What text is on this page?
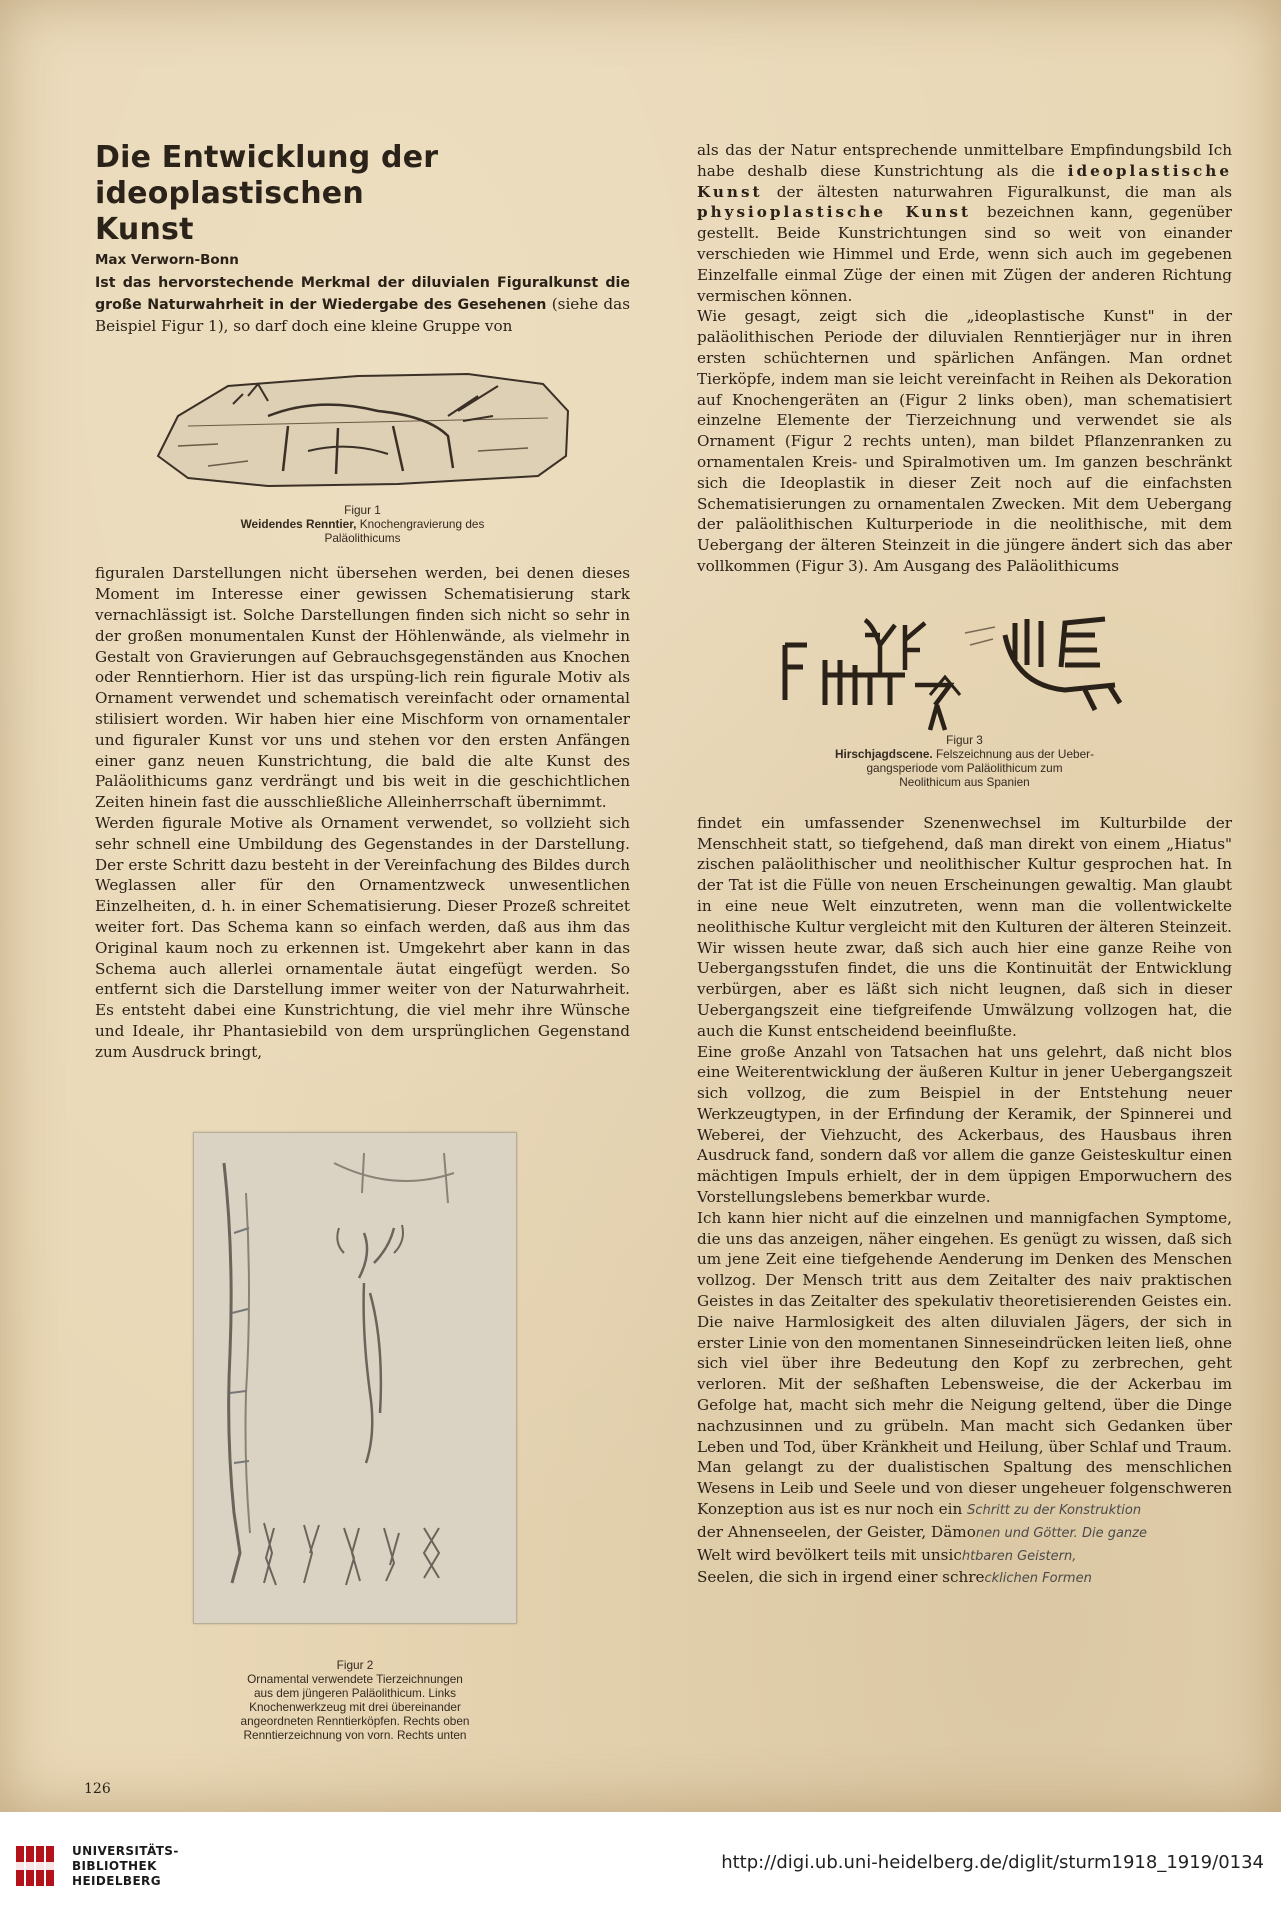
Die Entwicklung der ideoplastischen
Kunst
Max Verworn-Bonn

Ist das hervorstechende Merkmal der diluvialen Figuralkunst die große Naturwahrheit in der Wiedergabe des Gesehenen (siehe das Beispiel Figur 1), so darf doch eine kleine Gruppe von

Figur 1
Weidendes Renntier, Knochengravierung des
Paläolithicums

figuralen Darstellungen nicht übersehen werden, bei denen dieses Moment im Interesse einer gewissen Schematisierung stark vernachlässigt ist. Solche Darstellungen finden sich nicht so sehr in der großen monumentalen Kunst der Höhlenwände, als vielmehr in Gestalt von Gravierungen auf Gebrauchsgegenständen aus Knochen oder Renntierhorn. Hier ist das urspüng-lich rein figurale Motiv als Ornament verwendet und schematisch vereinfacht oder ornamental stilisiert worden. Wir haben hier eine Mischform von ornamentaler und figuraler Kunst vor uns und stehen vor den ersten Anfängen einer ganz neuen Kunstrichtung, die bald die alte Kunst des Paläolithicums ganz verdrängt und bis weit in die geschichtlichen Zeiten hinein fast die ausschließliche Alleinherrschaft übernimmt.

Werden figurale Motive als Ornament verwendet, so vollzieht sich sehr schnell eine Umbildung des Gegenstandes in der Darstellung. Der erste Schritt dazu besteht in der Vereinfachung des Bildes durch Weglassen aller für den Ornamentzweck unwesentlichen Einzelheiten, d. h. in einer Schematisierung. Dieser Prozeß schreitet weiter fort. Das Schema kann so einfach werden, daß aus ihm das Original kaum noch zu erkennen ist. Umgekehrt aber kann in das Schema auch allerlei ornamentale äutat eingefügt werden. So entfernt sich die Darstellung immer weiter von der Naturwahrheit. Es entsteht dabei eine Kunstrichtung, die viel mehr ihre Wünsche und Ideale, ihr Phantasiebild von dem ursprünglichen Gegenstand zum Ausdruck bringt,

Figur 2
Ornamental verwendete Tierzeichnungen
aus dem jüngeren Paläolithicum. Links
Knochenwerkzeug mit drei übereinander
angeordneten Renntierköpfen. Rechts oben
Renntierzeichnung von vorn. Rechts unten

als das der Natur entsprechende unmittelbare Empfindungsbild Ich habe deshalb diese Kunstrichtung als die ideoplastische Kunst der ältesten naturwahren Figuralkunst, die man als physioplastische Kunst bezeichnen kann, gegenüber gestellt. Beide Kunstrichtungen sind so weit von einander verschieden wie Himmel und Erde, wenn sich auch im gegebenen Einzelfalle einmal Züge der einen mit Zügen der anderen Richtung vermischen können.

Wie gesagt, zeigt sich die „ideoplastische Kunst" in der paläolithischen Periode der diluvialen Renntierjäger nur in ihren ersten schüchternen und spärlichen Anfängen. Man ordnet Tierköpfe, indem man sie leicht vereinfacht in Reihen als Dekoration auf Knochengeräten an (Figur 2 links oben), man schematisiert einzelne Elemente der Tierzeichnung und verwendet sie als Ornament (Figur 2 rechts unten), man bildet Pflanzenranken zu ornamentalen Kreis- und Spiralmotiven um. Im ganzen beschränkt sich die Ideoplastik in dieser Zeit noch auf die einfachsten Schematisierungen zu ornamentalen Zwecken. Mit dem Uebergang der paläolithischen Kulturperiode in die neolithische, mit dem Uebergang der älteren Steinzeit in die jüngere ändert sich das aber vollkommen (Figur 3). Am Ausgang des Paläolithicums

Figur 3
Hirschjagdscene. Felszeichnung aus der Ueber-
gangsperiode vom Paläolithicum zum
Neolithicum aus Spanien

findet ein umfassender Szenenwechsel im Kulturbilde der Menschheit statt, so tiefgehend, daß man direkt von einem „Hiatus" zischen paläolithischer und neolithischer Kultur gesprochen hat. In der Tat ist die Fülle von neuen Erscheinungen gewaltig. Man glaubt in eine neue Welt einzutreten, wenn man die vollentwickelte neolithische Kultur vergleicht mit den Kulturen der älteren Steinzeit. Wir wissen heute zwar, daß sich auch hier eine ganze Reihe von Uebergangsstufen findet, die uns die Kontinuität der Entwicklung verbürgen, aber es läßt sich nicht leugnen, daß sich in dieser Uebergangszeit eine tiefgreifende Umwälzung vollzogen hat, die auch die Kunst entscheidend beeinflußte.

Eine große Anzahl von Tatsachen hat uns gelehrt, daß nicht blos eine Weiterentwicklung der äußeren Kultur in jener Uebergangszeit sich vollzog, die zum Beispiel in der Entstehung neuer Werkzeugtypen, in der Erfindung der Keramik, der Spinnerei und Weberei, der Viehzucht, des Ackerbaus, des Hausbaus ihren Ausdruck fand, sondern daß vor allem die ganze Geisteskultur einen mächtigen Impuls erhielt, der in dem üppigen Emporwuchern des Vorstellungslebens bemerkbar wurde.

Ich kann hier nicht auf die einzelnen und mannigfachen Symptome, die uns das anzeigen, näher eingehen. Es genügt zu wissen, daß sich um jene Zeit eine tiefgehende Aenderung im Denken des Menschen vollzog. Der Mensch tritt aus dem Zeitalter des naiv praktischen Geistes in das Zeitalter des spekulativ theoretisierenden Geistes ein. Die naive Harmlosigkeit des alten diluvialen Jägers, der sich in erster Linie von den momentanen Sinneseindrücken leiten ließ, ohne sich viel über ihre Bedeutung den Kopf zu zerbrechen, geht verloren. Mit der seßhaften Lebensweise, die der Ackerbau im Gefolge hat, macht sich mehr die Neigung geltend, über die Dinge nachzusinnen und zu grübeln. Man macht sich Gedanken über Leben und Tod, über Kränkheit und Heilung, über Schlaf und Traum. Man gelangt zu der dualistischen Spaltung des menschlichen Wesens in Leib und Seele und von dieser ungeheuer folgenschweren Konzeption aus ist es nur noch ein Schritt zu der Konstruktion

der Ahnenseelen, der Geister, Dämonen und Götter. Die ganze

Welt wird bevölkert teils mit unsichtbaren Geistern,

Seelen, die sich in irgend einer schrecklichen Formen

126
UNIVERSITÄTS-
BIBLIOTHEK
HEIDELBERG
http://digi.ub.uni-heidelberg.de/diglit/sturm1918_1919/0134
